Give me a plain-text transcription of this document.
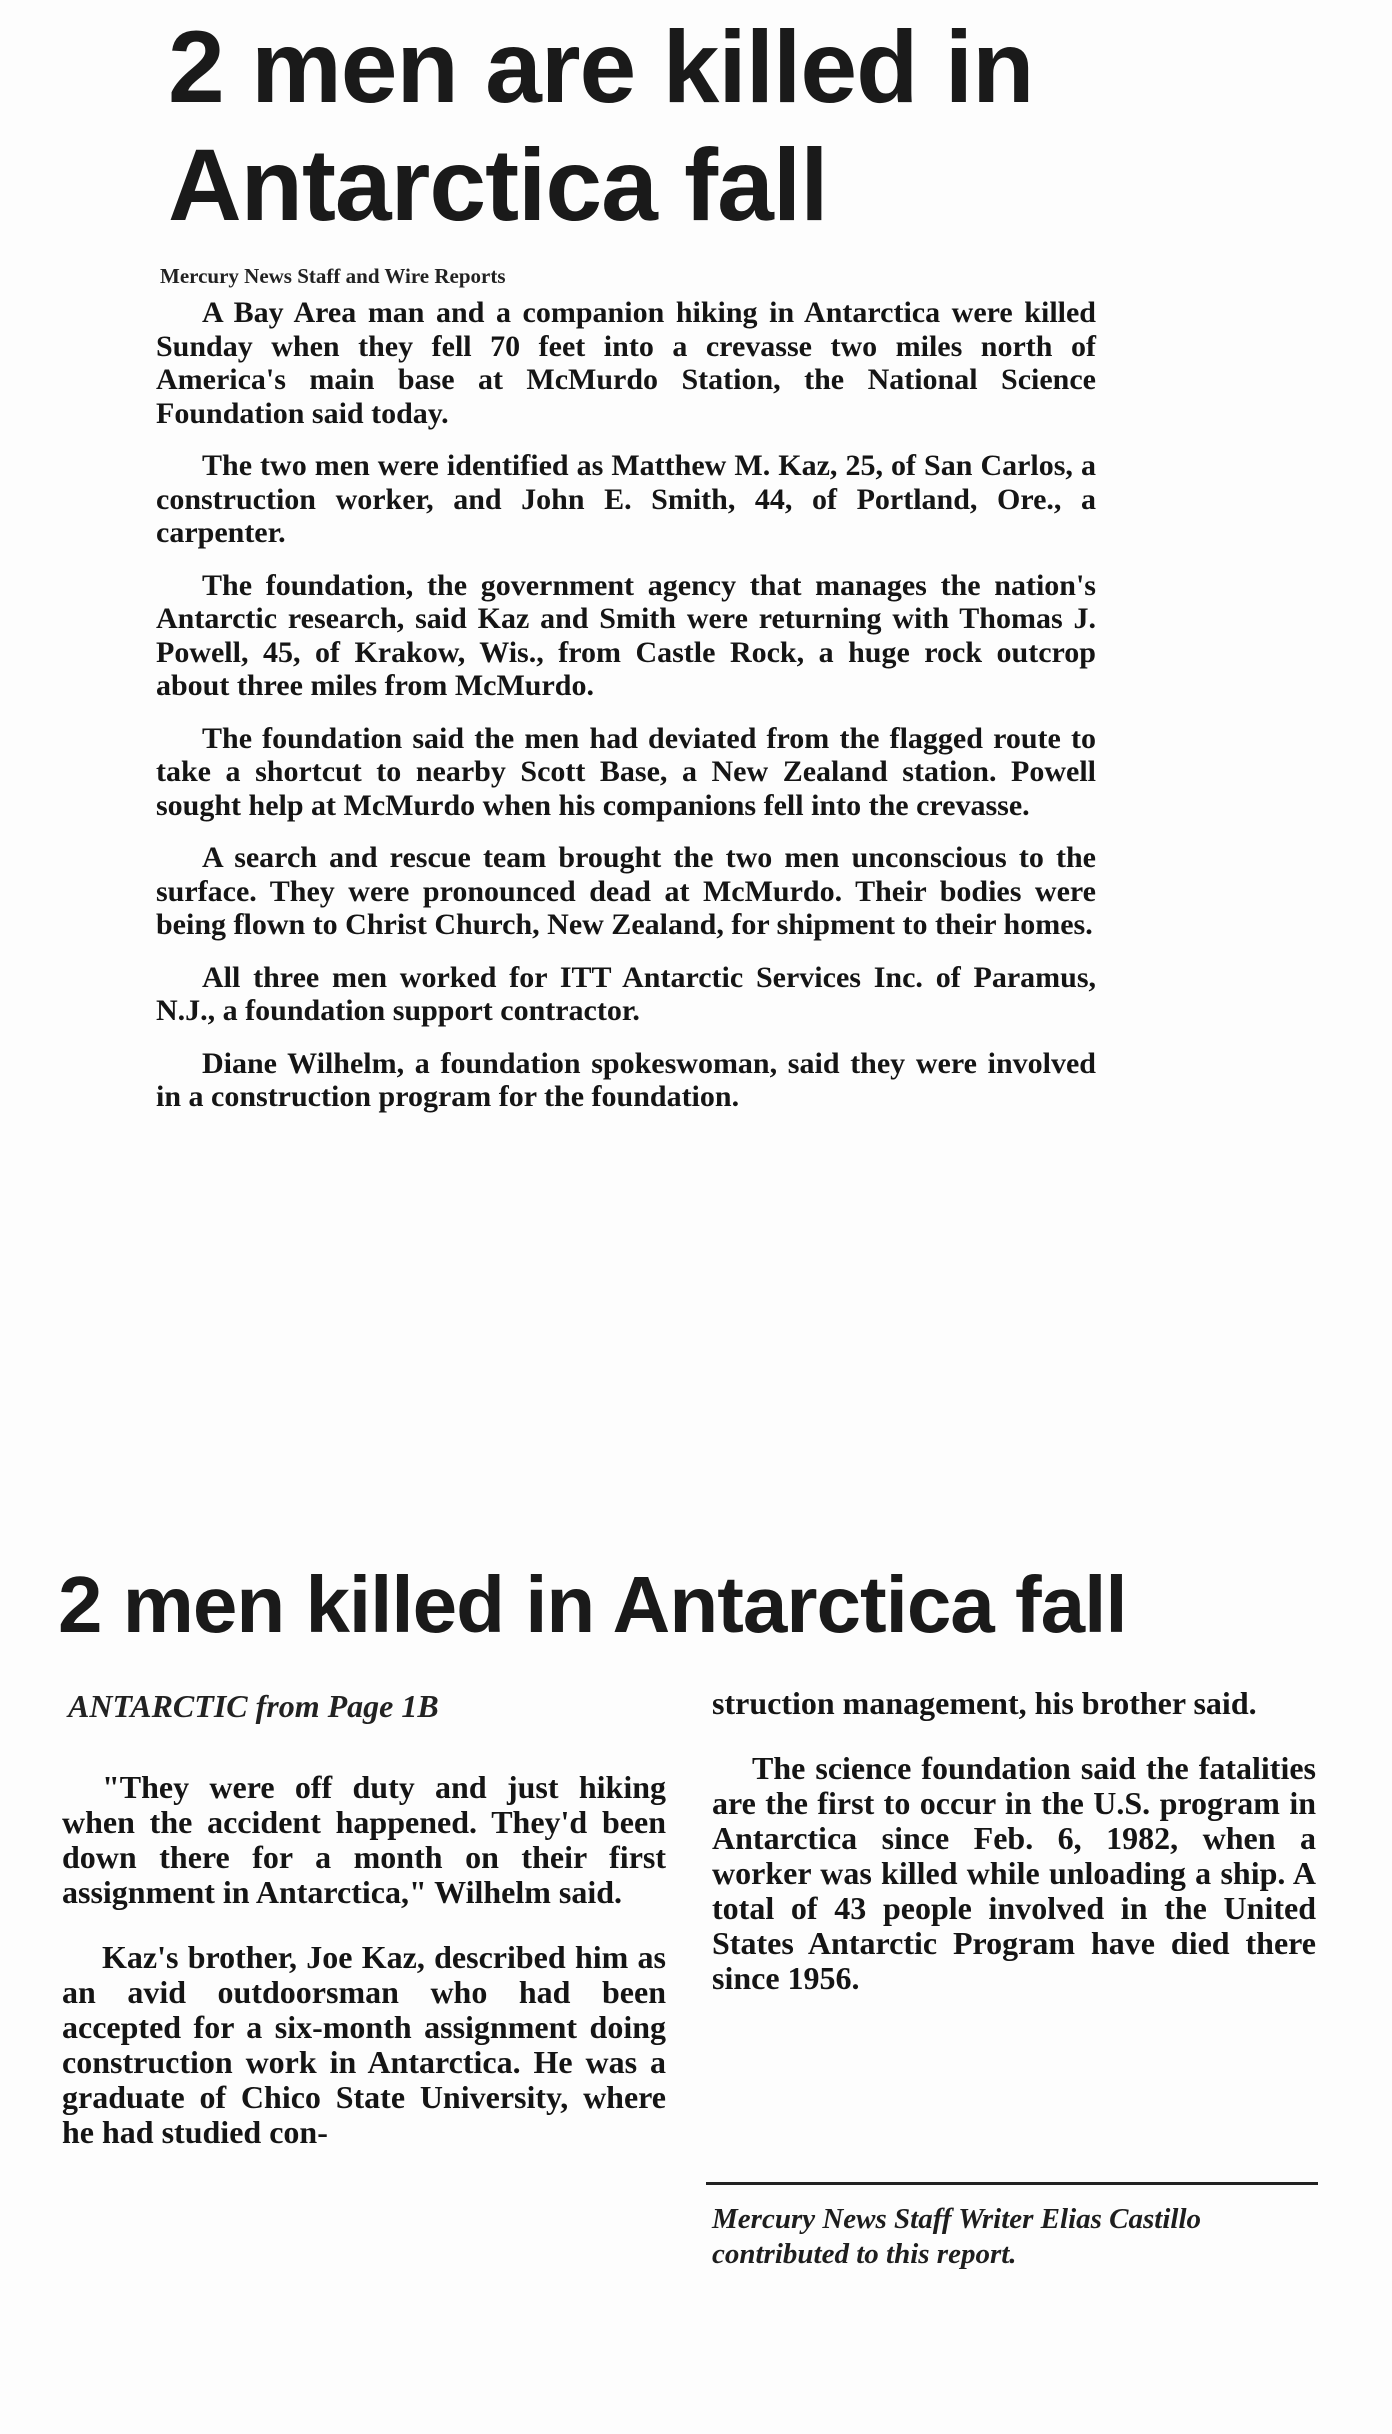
2 men are killed in Antarctica fall
Mercury News Staff and Wire Reports

A Bay Area man and a companion hiking in Antarctica were killed Sunday when they fell 70 feet into a crevasse two miles north of America's main base at McMurdo Station, the National Science Foundation said today.

The two men were identified as Matthew M. Kaz, 25, of San Carlos, a construction worker, and John E. Smith, 44, of Portland, Ore., a carpenter.

The foundation, the government agency that manages the nation's Antarctic research, said Kaz and Smith were returning with Thomas J. Powell, 45, of Krakow, Wis., from Castle Rock, a huge rock outcrop about three miles from McMurdo.

The foundation said the men had deviated from the flagged route to take a shortcut to nearby Scott Base, a New Zealand station. Powell sought help at McMurdo when his companions fell into the crevasse.

A search and rescue team brought the two men unconscious to the surface. They were pronounced dead at McMurdo. Their bodies were being flown to Christ Church, New Zealand, for shipment to their homes.

All three men worked for ITT Antarctic Services Inc. of Paramus, N.J., a foundation support contractor.

Diane Wilhelm, a foundation spokeswoman, said they were involved in a construction program for the foundation.

2 men killed in Antarctica fall
ANTARCTIC from Page 1B

"They were off duty and just hiking when the accident happened. They'd been down there for a month on their first assignment in Antarctica," Wilhelm said.

Kaz's brother, Joe Kaz, described him as an avid outdoorsman who had been accepted for a six-month assignment doing construction work in Antarctica. He was a graduate of Chico State University, where he had studied con-

struction management, his brother said.

The science foundation said the fatalities are the first to occur in the U.S. program in Antarctica since Feb. 6, 1982, when a worker was killed while unloading a ship. A total of 43 people involved in the United States Antarctic Program have died there since 1956.

Mercury News Staff Writer Elias Castillo contributed to this report.
